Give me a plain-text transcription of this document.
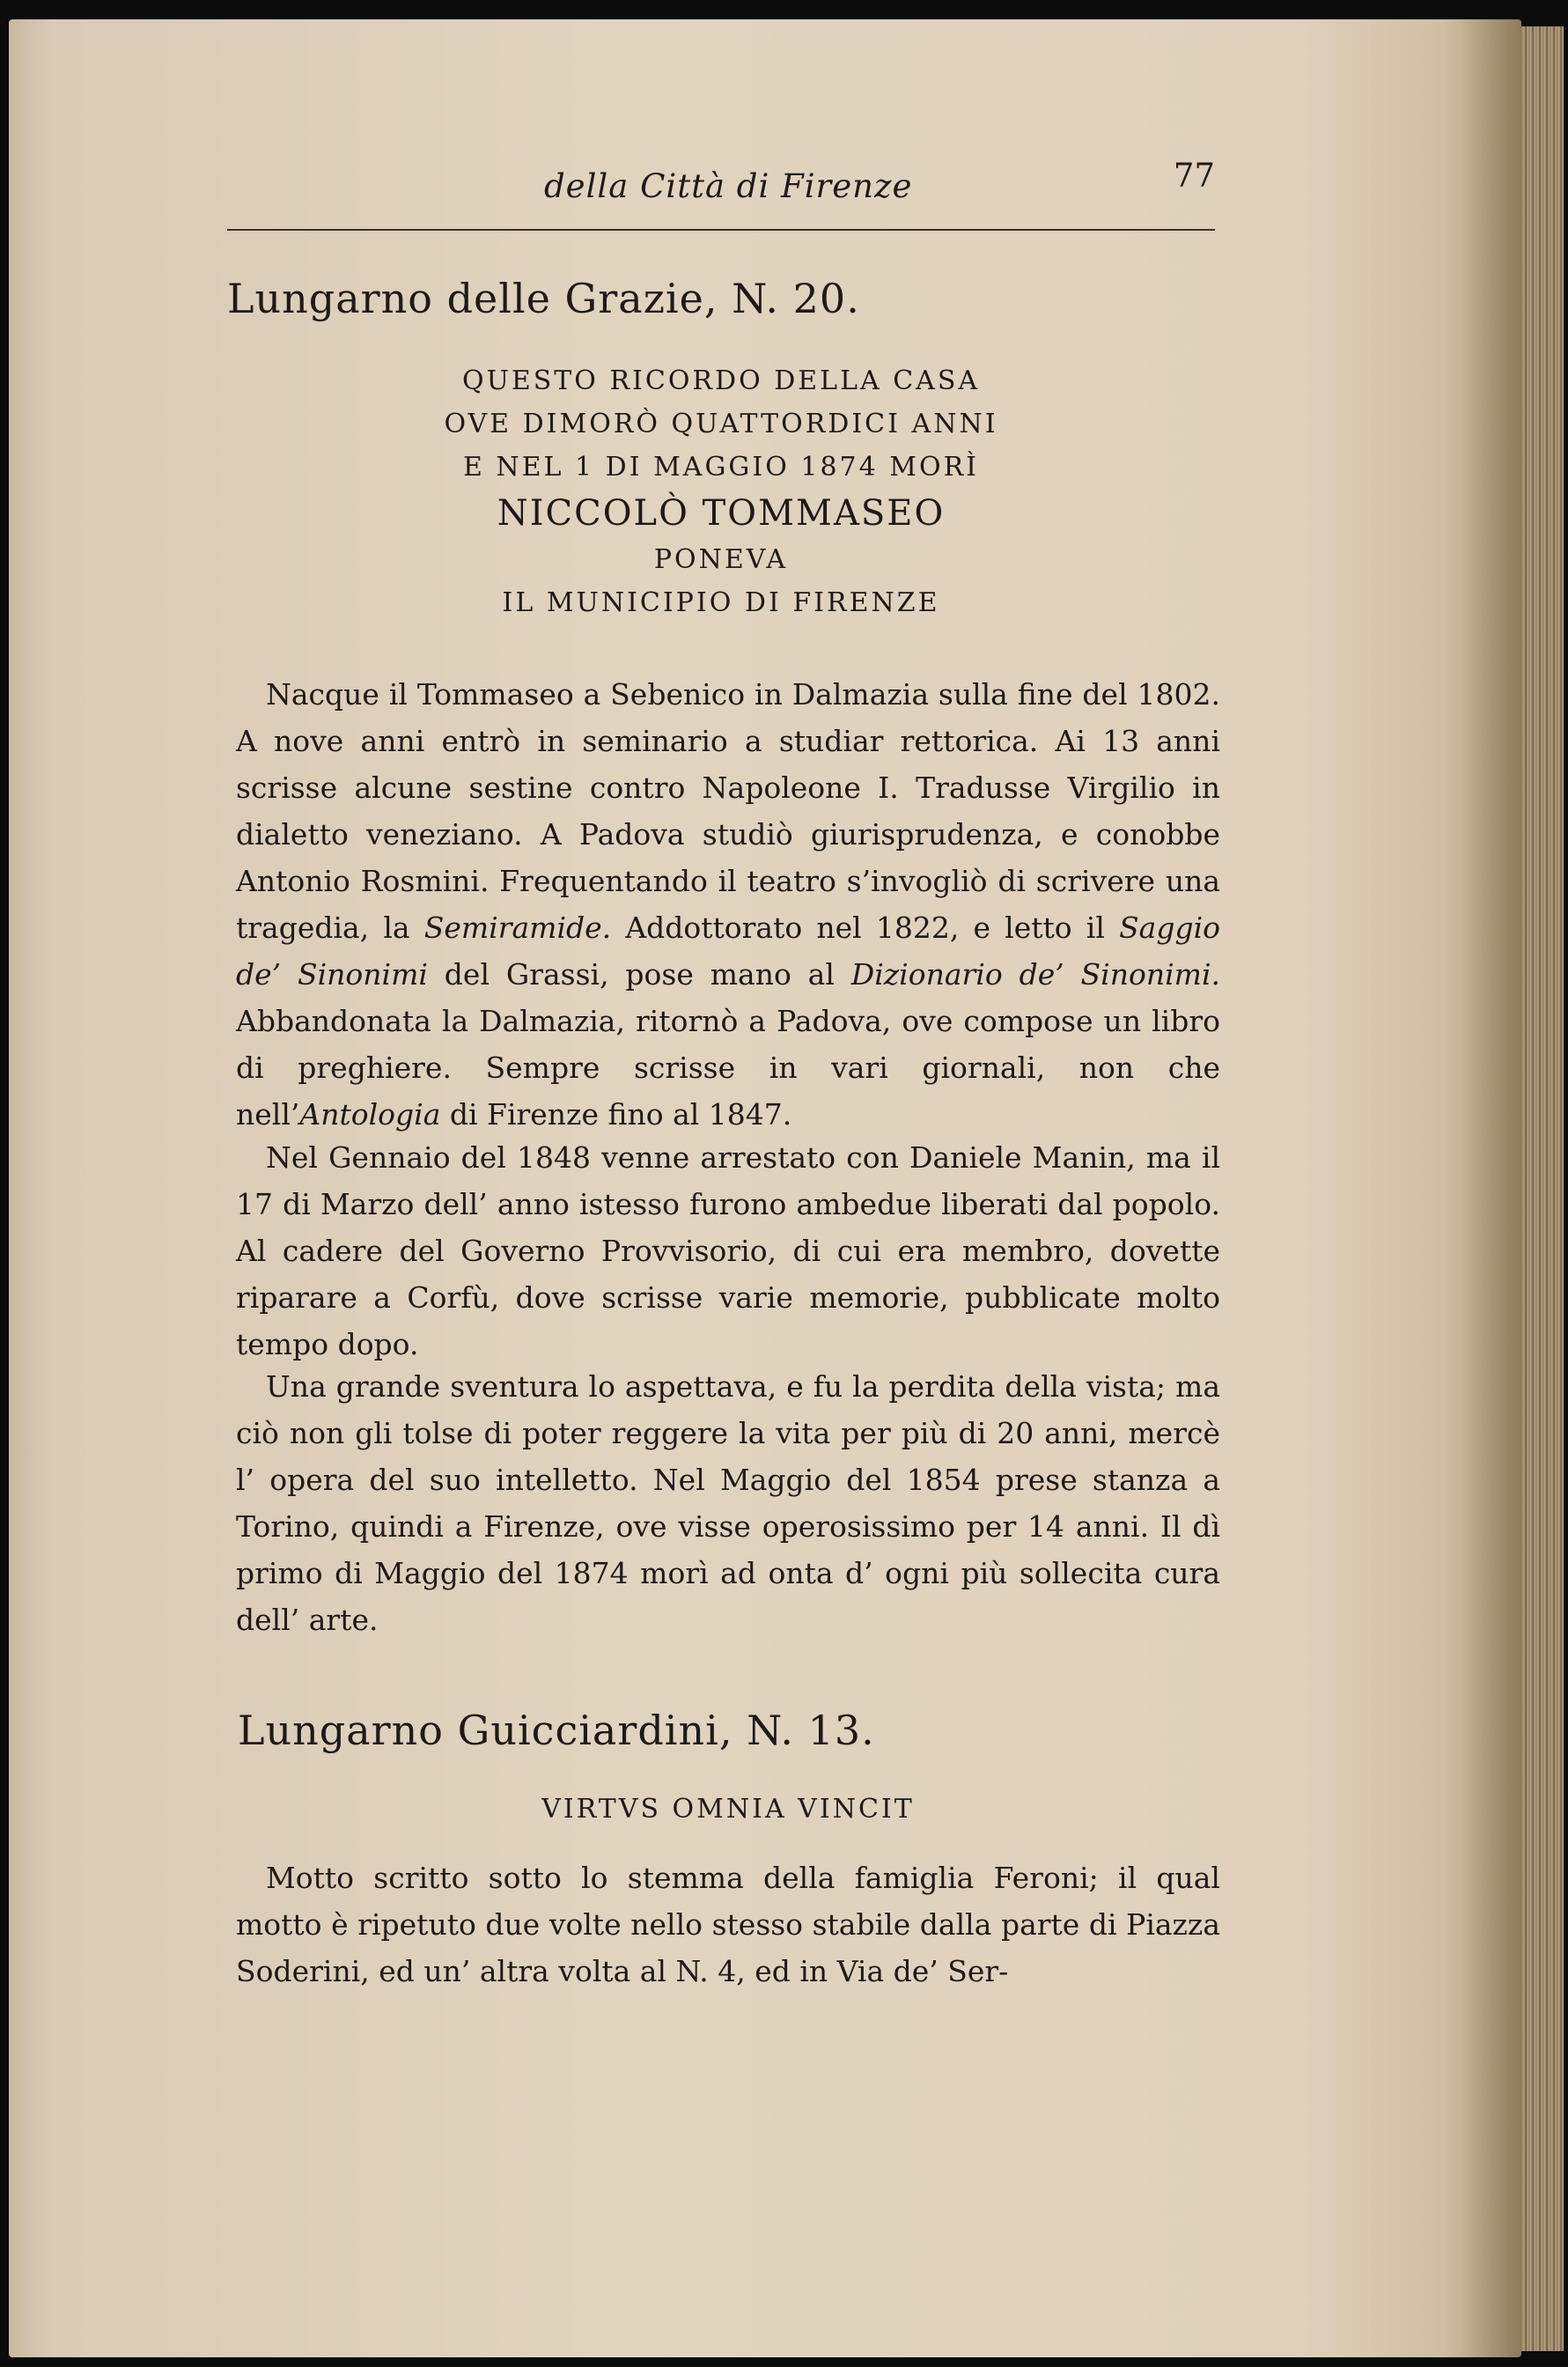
della Città di Firenze	77
Lungarno delle Grazie, N. 20.
QUESTO RICORDO DELLA CASA
OVE DIMORÒ QUATTORDICI ANNI
E NEL 1 DI MAGGIO 1874 MORÌ
NICCOLÒ TOMMASEO
PONEVA
IL MUNICIPIO DI FIRENZE

Nacque il Tommaseo a Sebenico in Dalmazia sulla fine del 1802. A nove anni entrò in seminario a studiar rettorica. Ai 13 anni scrisse alcune sestine contro Napoleone I. Tradusse Virgilio in dialetto veneziano. A Padova studiò giurisprudenza, e conobbe Antonio Rosmini. Frequentando il teatro s’invogliò di scrivere una tragedia, la Semiramide. Addottorato nel 1822, e letto il Saggio de’ Sinonimi del Grassi, pose mano al Dizionario de’ Sinonimi. Abbandonata la Dalmazia, ritornò a Padova, ove compose un libro di preghiere. Sempre scrisse in vari giornali, non che nell’Antologia di Firenze fino al 1847.

Nel Gennaio del 1848 venne arrestato con Daniele Manin, ma il 17 di Marzo dell’ anno istesso furono ambedue liberati dal popolo. Al cadere del Governo Provvisorio, di cui era membro, dovette riparare a Corfù, dove scrisse varie memorie, pubblicate molto tempo dopo.

Una grande sventura lo aspettava, e fu la perdita della vista; ma ciò non gli tolse di poter reggere la vita per più di 20 anni, mercè l’ opera del suo intelletto. Nel Maggio del 1854 prese stanza a Torino, quindi a Firenze, ove visse operosissimo per 14 anni. Il dì primo di Maggio del 1874 morì ad onta d’ ogni più sollecita cura dell’ arte.

Lungarno Guicciardini, N. 13.
VIRTVS OMNIA VINCIT

Motto scritto sotto lo stemma della famiglia Feroni; il qual motto è ripetuto due volte nello stesso stabile dalla parte di Piazza Soderini, ed un’ altra volta al N. 4, ed in Via de’ Ser-
